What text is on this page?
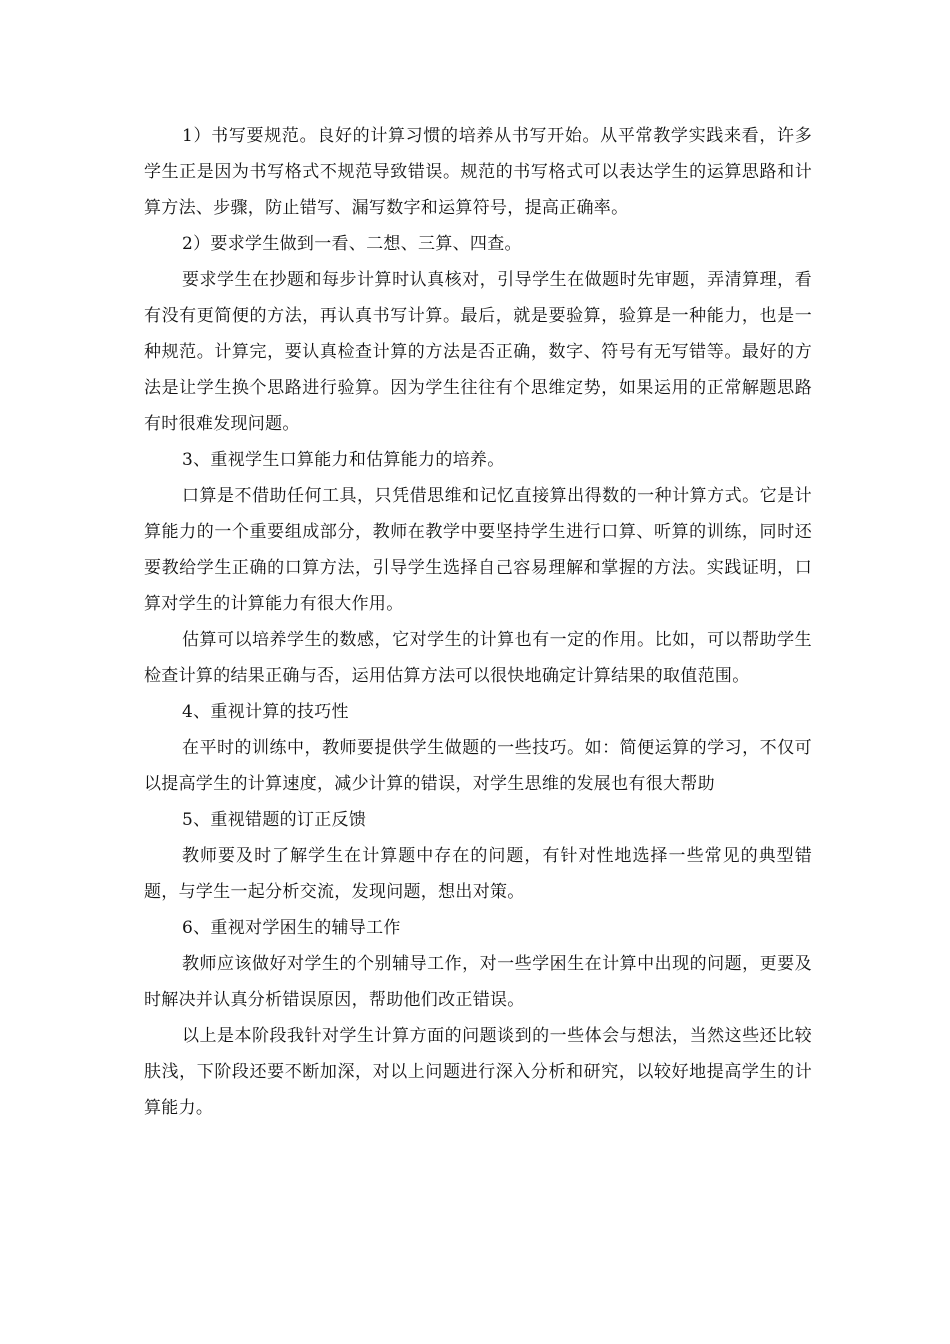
1）书写要规范。良好的计算习惯的培养从书写开始。从平常教学实践来看，许多学生正是因为书写格式不规范导致错误。规范的书写格式可以表达学生的运算思路和计算方法、步骤，防止错写、漏写数字和运算符号，提高正确率。

2）要求学生做到一看、二想、三算、四查。

要求学生在抄题和每步计算时认真核对，引导学生在做题时先审题，弄清算理，看有没有更简便的方法，再认真书写计算。最后，就是要验算，验算是一种能力，也是一种规范。计算完，要认真检查计算的方法是否正确，数字、符号有无写错等。最好的方法是让学生换个思路进行验算。因为学生往往有个思维定势，如果运用的正常解题思路有时很难发现问题。

3、重视学生口算能力和估算能力的培养。

口算是不借助任何工具，只凭借思维和记忆直接算出得数的一种计算方式。它是计算能力的一个重要组成部分，教师在教学中要坚持学生进行口算、听算的训练，同时还要教给学生正确的口算方法，引导学生选择自己容易理解和掌握的方法。实践证明，口算对学生的计算能力有很大作用。

估算可以培养学生的数感，它对学生的计算也有一定的作用。比如，可以帮助学生检查计算的结果正确与否，运用估算方法可以很快地确定计算结果的取值范围。

4、重视计算的技巧性

在平时的训练中，教师要提供学生做题的一些技巧。如：简便运算的学习，不仅可以提高学生的计算速度，减少计算的错误，对学生思维的发展也有很大帮助

5、重视错题的订正反馈

教师要及时了解学生在计算题中存在的问题，有针对性地选择一些常见的典型错题，与学生一起分析交流，发现问题，想出对策。

6、重视对学困生的辅导工作

教师应该做好对学生的个别辅导工作，对一些学困生在计算中出现的问题，更要及时解决并认真分析错误原因，帮助他们改正错误。

以上是本阶段我针对学生计算方面的问题谈到的一些体会与想法，当然这些还比较肤浅，下阶段还要不断加深，对以上问题进行深入分析和研究，以较好地提高学生的计算能力。
